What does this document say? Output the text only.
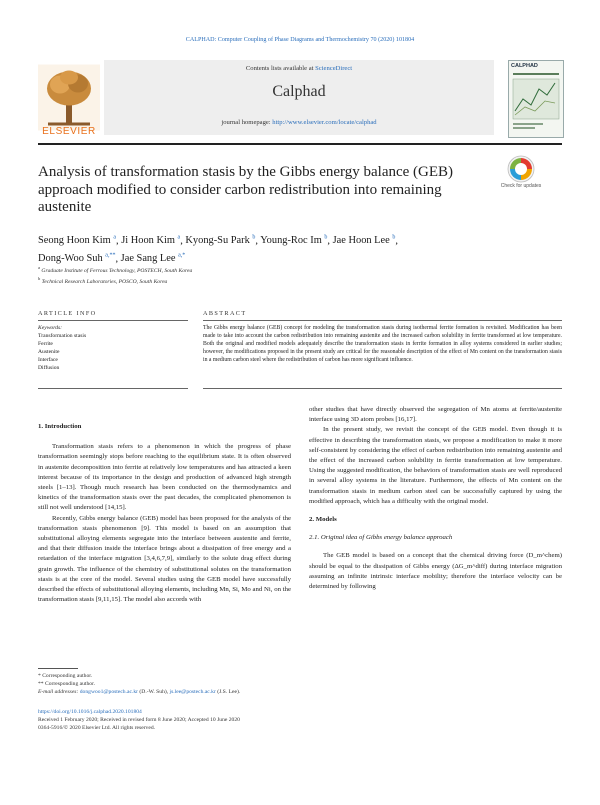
CALPHAD: Computer Coupling of Phase Diagrams and Thermochemistry 70 (2020) 101804
ELSEVIER
Contents lists available at ScienceDirect
Calphad
journal homepage: http://www.elsevier.com/locate/calphad
CALPHAD
Analysis of transformation stasis by the Gibbs energy balance (GEB) approach modified to consider carbon redistribution into remaining austenite
Check for updates
Seong Hoon Kim $^a$, Ji Hoon Kim $^a$, Kyong-Su Park $^b$, Young-Roc Im $^b$, Jae Hoon Lee $^b$,
Dong-Woo Suh $^{a,**}$, Jae Sang Lee $^{a,*}$
$^a$ Graduate Institute of Ferrous Technology, POSTECH, South Korea
$^b$ Technical Research Laboratories, POSCO, South Korea
ARTICLE INFO	ABSTRACT
Keywords:
Transformation stasis
Ferrite
Austenite
Interface
Diffusion
The Gibbs energy balance (GEB) concept for modeling the transformation stasis during isothermal ferrite formation is revisited. Modification has been made to take into account the carbon redistribution into remaining austenite and the increased carbon solubility in ferrite transformed at low temperature. Both the original and modified models adequately describe the transformation stasis in ferrite formation in alloy systems considered in earlier studies; however, the modifications proposed in the present study are critical for the reasonable description of the effect of Mn content on the transformation stasis in a medium carbon steel where the redistribution of carbon has more significant influence.

1. Introduction

Transformation stasis refers to a phenomenon in which the progress of phase transformation seemingly stops before reaching to the equilibrium state. It is often observed in austenite decomposition into ferrite at relatively low temperatures and has attracted a keen interest because of its importance in the design and production of advanced high strength steels [1–13]. Though much research has been conducted on the thermodynamics and kinetics of the transformation stasis over the past decades, the complicated phenomenon is still not well understood [14,15].

Recently, Gibbs energy balance (GEB) model has been proposed for the analysis of the transformation stasis phenomenon [9]. This model is based on an assumption that substitutional alloying elements segregate into the interface between austenite and ferrite, and that their diffusion inside the interface brings about a dissipation of free energy and a retardation of the interface migration [3,4,6,7,9], similarly to the solute drag effect during grain growth. The influence of the chemistry of substitutional solutes on the transformation stasis is at the core of the model. Several studies using the GEB model have successfully described the effects of substitutional alloying elements, including Mn, Si, Mo and Ni, on the transformation stasis [9,11,15]. The model also accords with

other studies that have directly observed the segregation of Mn atoms at ferrite/austenite interface using 3D atom probes [16,17].

In the present study, we revisit the concept of the GEB model. Even though it is effective in describing the transformation stasis, we propose a modification to make it more self-consistent by considering the effect of carbon redistribution into remaining austenite and the effect of the increased carbon solubility in ferrite transformation at low temperature. Using the suggested modification, the behaviors of transformation stasis are well reproduced in several alloy systems in the literature. Furthermore, the effects of Mn content on the transformation stasis in medium carbon steel can be successfully captured by using the modified approach, which has a difficulty with the original model.

2. Models

2.1. Original idea of Gibbs energy balance approach

The GEB model is based on a concept that the chemical driving force (D_m^chem) should be equal to the dissipation of Gibbs energy (ΔG_m^diff) during interface migration assuming an infinite intrinsic interface mobility; therefore the interface velocity can be determined by following

* Corresponding author.
** Corresponding author.
E-mail addresses: dongwoo1@postech.ac.kr (D.-W. Suh), js.lee@postech.ac.kr (J.S. Lee).
https://doi.org/10.1016/j.calphad.2020.101804
Received 1 February 2020; Received in revised form 8 June 2020; Accepted 10 June 2020
0364-5916/© 2020 Elsevier Ltd. All rights reserved.
